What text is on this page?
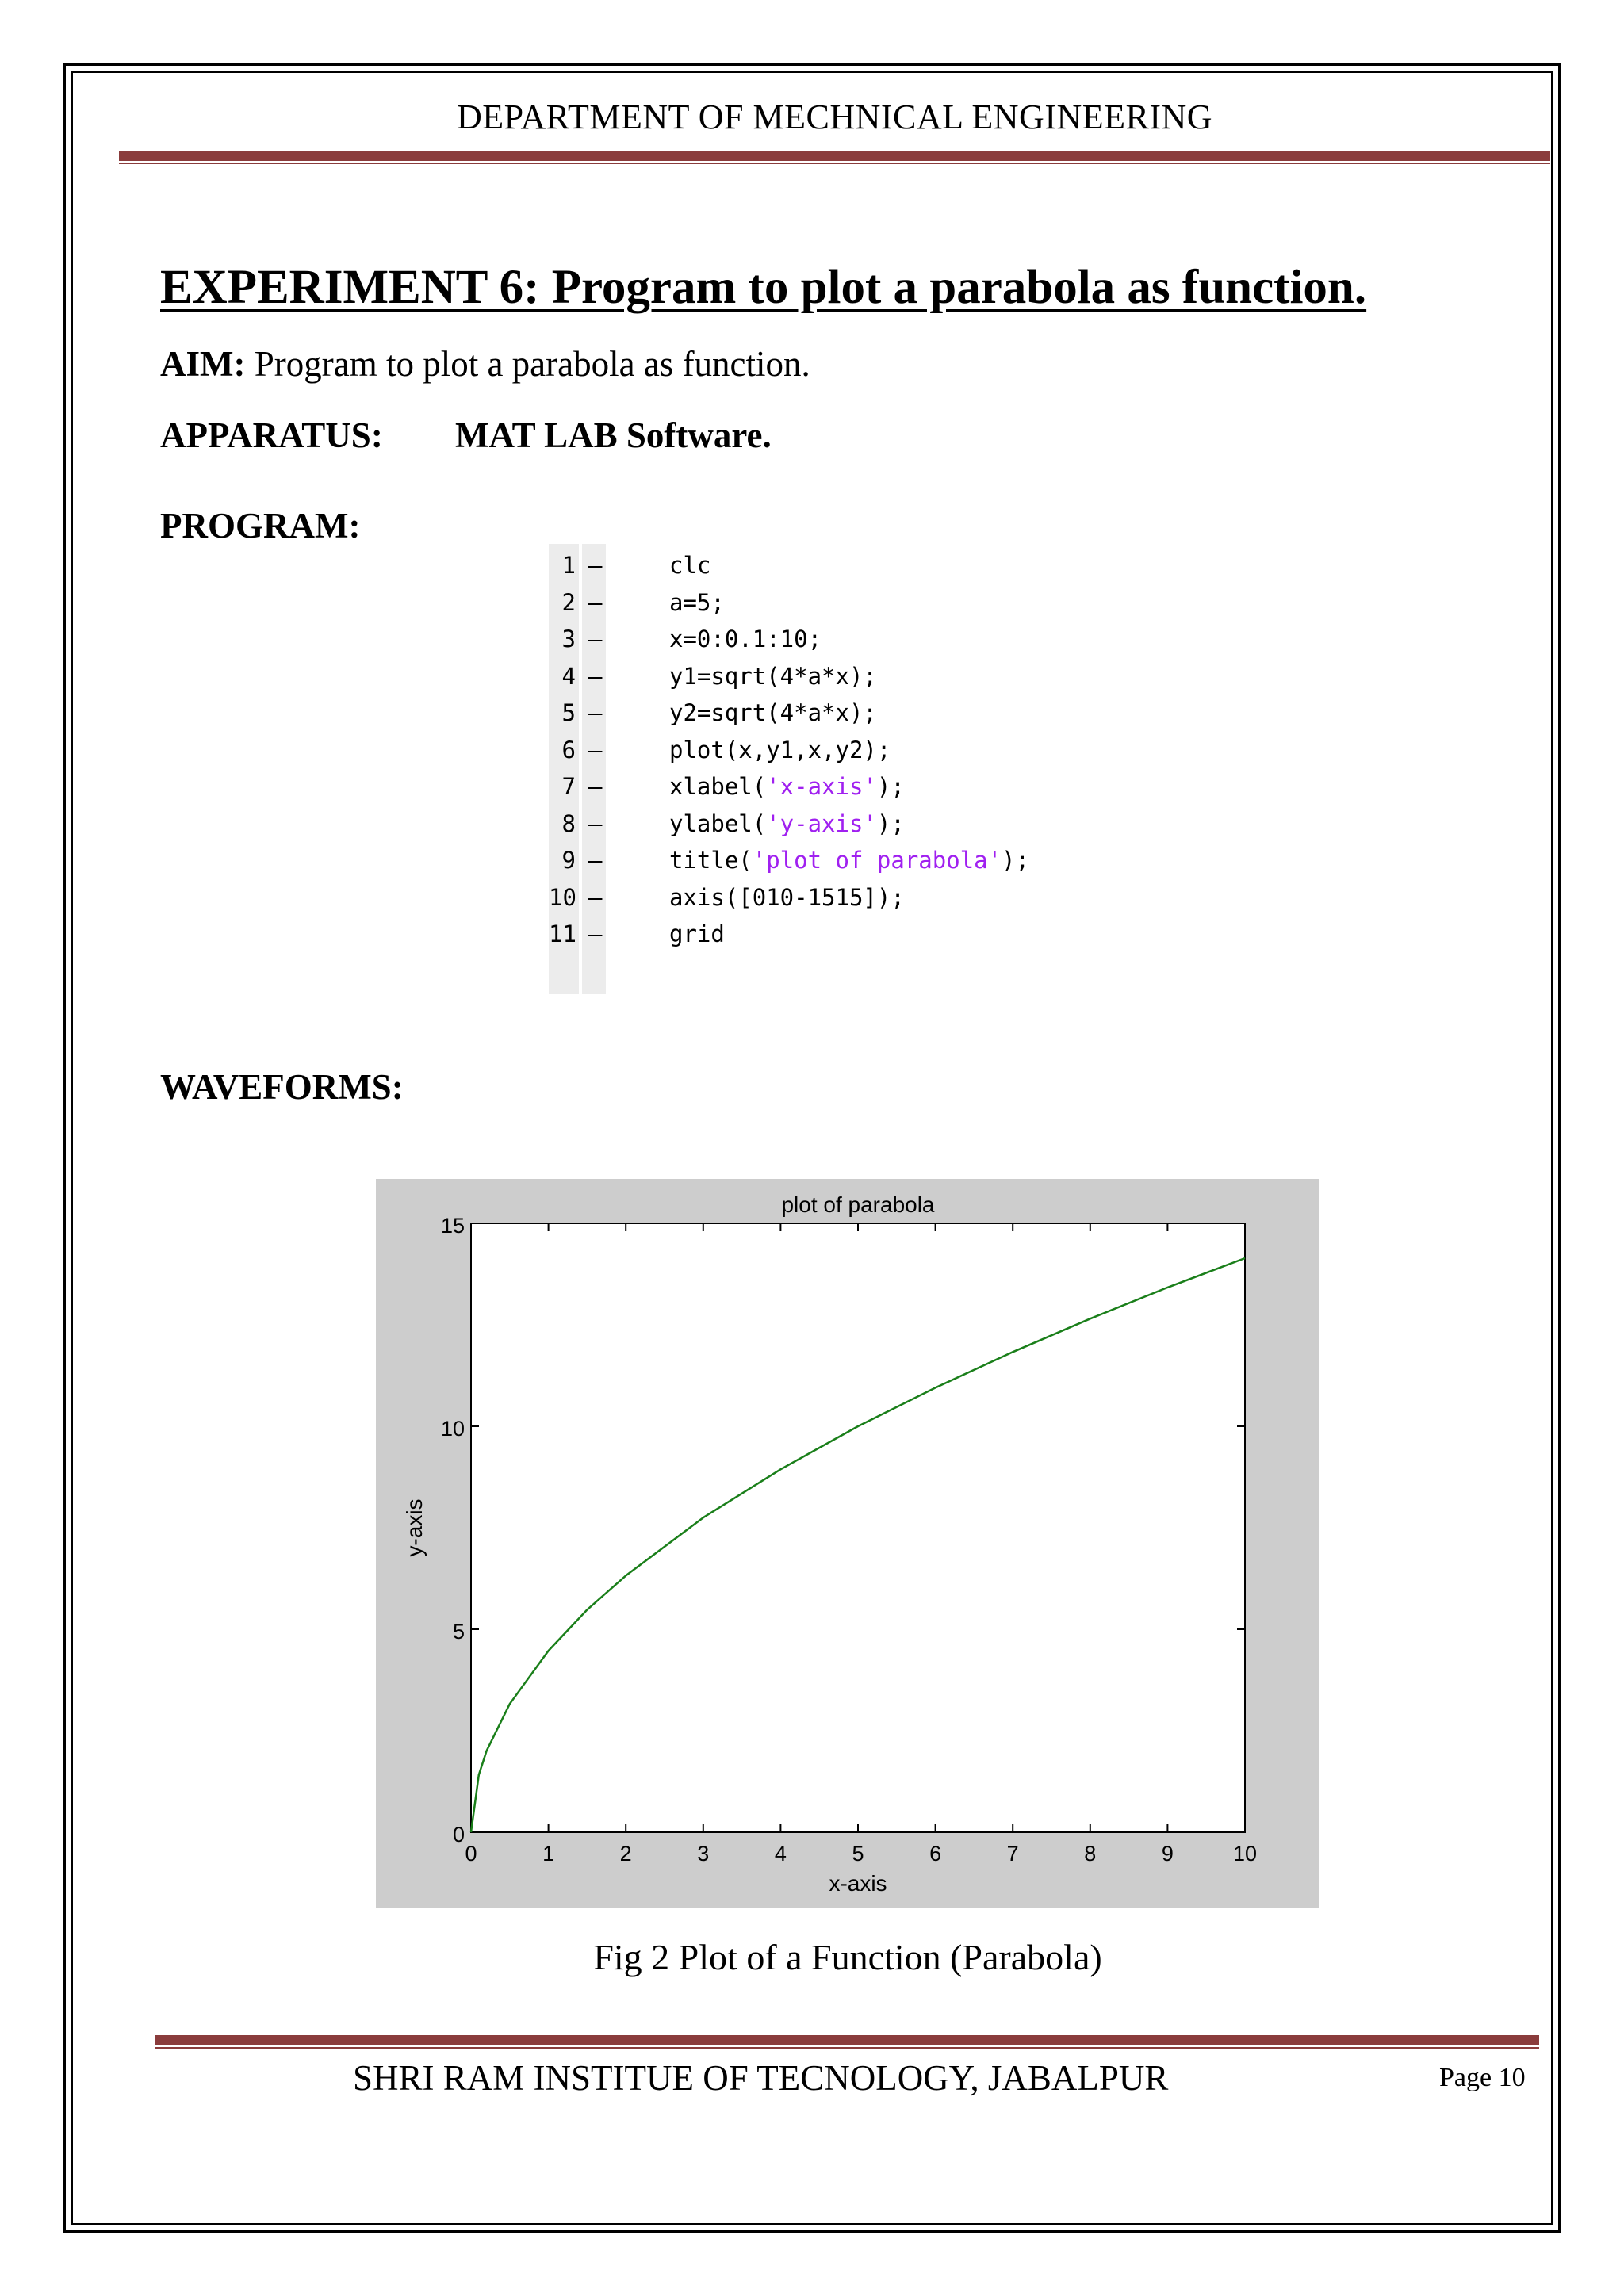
DEPARTMENT OF MECHNICAL ENGINEERING
EXPERIMENT 6: Program to plot a parabola as function.
AIM: Program to plot a parabola as function.
APPARATUS: MAT LAB Software.
PROGRAM:
1 –	clc
2 –	a=5;
3 –	x=0:0.1:10;
4 –	y1=sqrt(4*a*x);
5 –	y2=sqrt(4*a*x);
6 –	plot(x,y1,x,y2);
7 –	xlabel('x-axis');
8 –	ylabel('y-axis');
9 –	title('plot of parabola');
10 –	axis([010-1515]);
11 –	grid
WAVEFORMS:
0	1	2	3	4	5	6	7	8	9	10
0
5
10
15
plot of parabola
x-axis
y-axis
Fig 2 Plot of a Function (Parabola)
SHRI RAM INSTITUE OF TECNOLOGY, JABALPUR	Page 10
